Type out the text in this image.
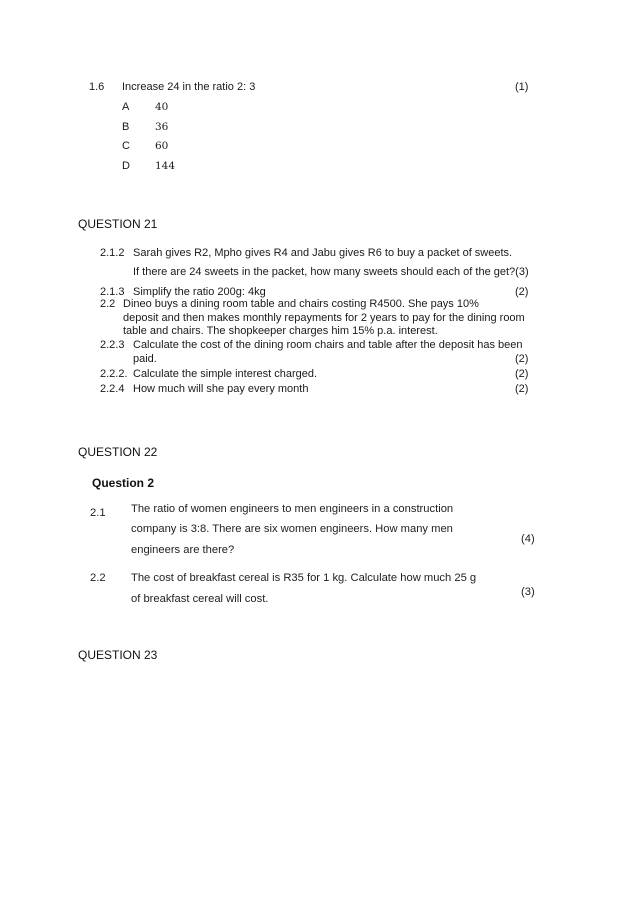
1.6 Increase 24 in the ratio 2: 3	(1)
A 40
B 36
C 60
D 144
QUESTION 21
2.1.2 Sarah gives R2, Mpho gives R4 and Jabu gives R6 to buy a packet of sweets.
If there are 24 sweets in the packet, how many sweets should each of the get?(3)
2.1.3 Simplify the ratio 200g: 4kg	(2)
2.2 Dineo buys a dining room table and chairs costing R4500. She pays 10%
deposit and then makes monthly repayments for 2 years to pay for the dining room
table and chairs. The shopkeeper charges him 15% p.a. interest.
2.2.3 Calculate the cost of the dining room chairs and table after the deposit has been
paid.	(2)
2.2.2. Calculate the simple interest charged.	(2)
2.2.4 How much will she pay every month	(2)
QUESTION 22
Question 2
2.1 The ratio of women engineers to men engineers in a construction
company is 3:8. There are six women engineers. How many men
engineers are there?
(4)
2.2 The cost of breakfast cereal is R35 for 1 kg. Calculate how much 25 g
of breakfast cereal will cost.
(3)
QUESTION 23
